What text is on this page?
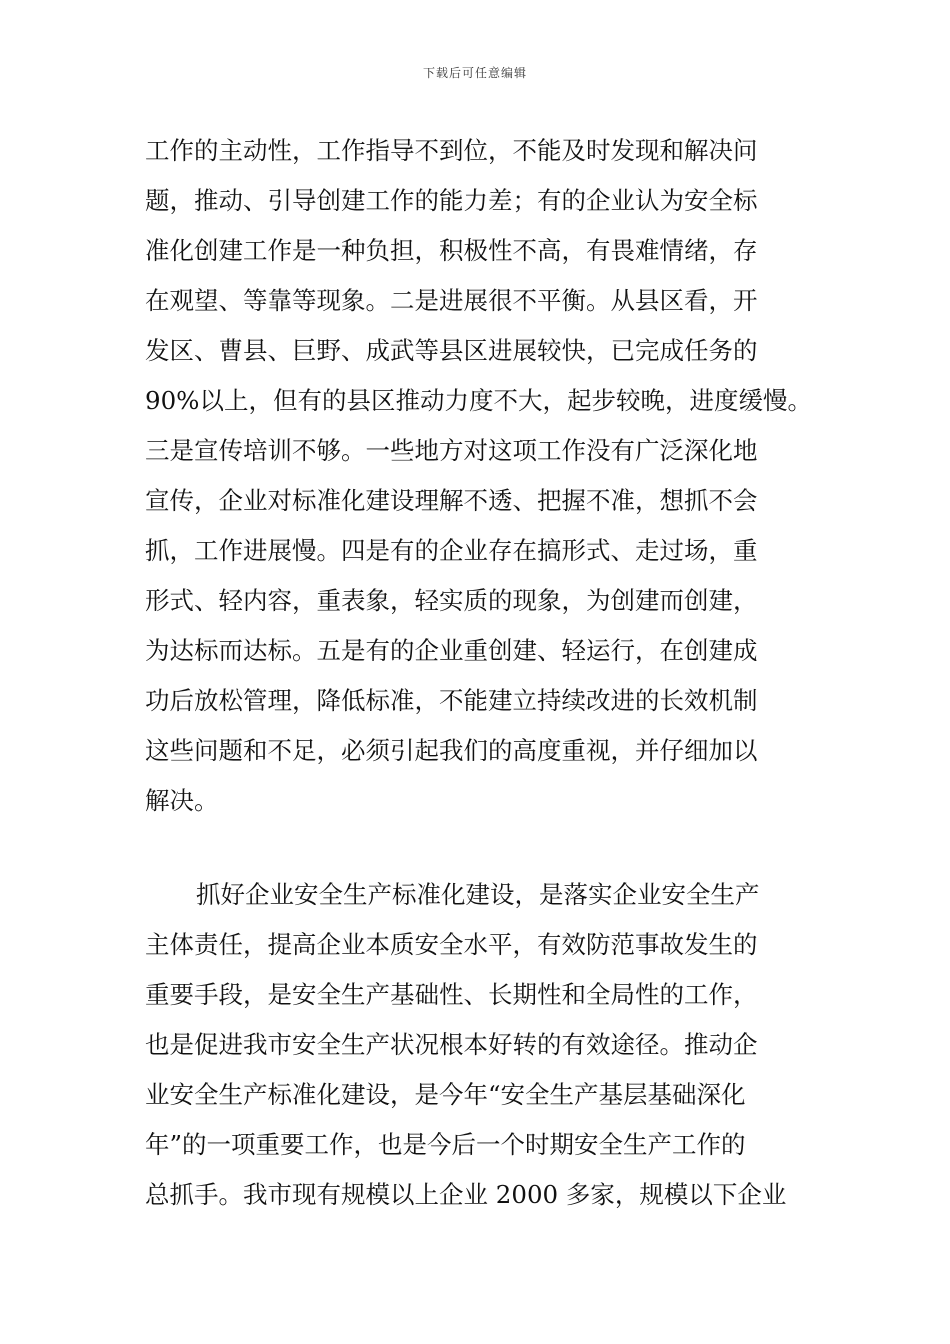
下载后可任意编辑
工作的主动性，工作指导不到位，不能及时发现和解决问
题，推动、引导创建工作的能力差；有的企业认为安全标
准化创建工作是一种负担，积极性不高，有畏难情绪，存
在观望、等靠等现象。二是进展很不平衡。从县区看，开
发区、曹县、巨野、成武等县区进展较快，已完成任务的
90%以上，但有的县区推动力度不大，起步较晚，进度缓慢。
三是宣传培训不够。一些地方对这项工作没有广泛深化地
宣传，企业对标准化建设理解不透、把握不准，想抓不会
抓，工作进展慢。四是有的企业存在搞形式、走过场，重
形式、轻内容，重表象，轻实质的现象，为创建而创建，
为达标而达标。五是有的企业重创建、轻运行，在创建成
功后放松管理，降低标准，不能建立持续改进的长效机制
这些问题和不足，必须引起我们的高度重视，并仔细加以
解决。
抓好企业安全生产标准化建设，是落实企业安全生产
主体责任，提高企业本质安全水平，有效防范事故发生的
重要手段，是安全生产基础性、长期性和全局性的工作，
也是促进我市安全生产状况根本好转的有效途径。推动企
业安全生产标准化建设，是今年“安全生产基层基础深化
年”的一项重要工作，也是今后一个时期安全生产工作的
总抓手。我市现有规模以上企业 2000 多家，规模以下企业
